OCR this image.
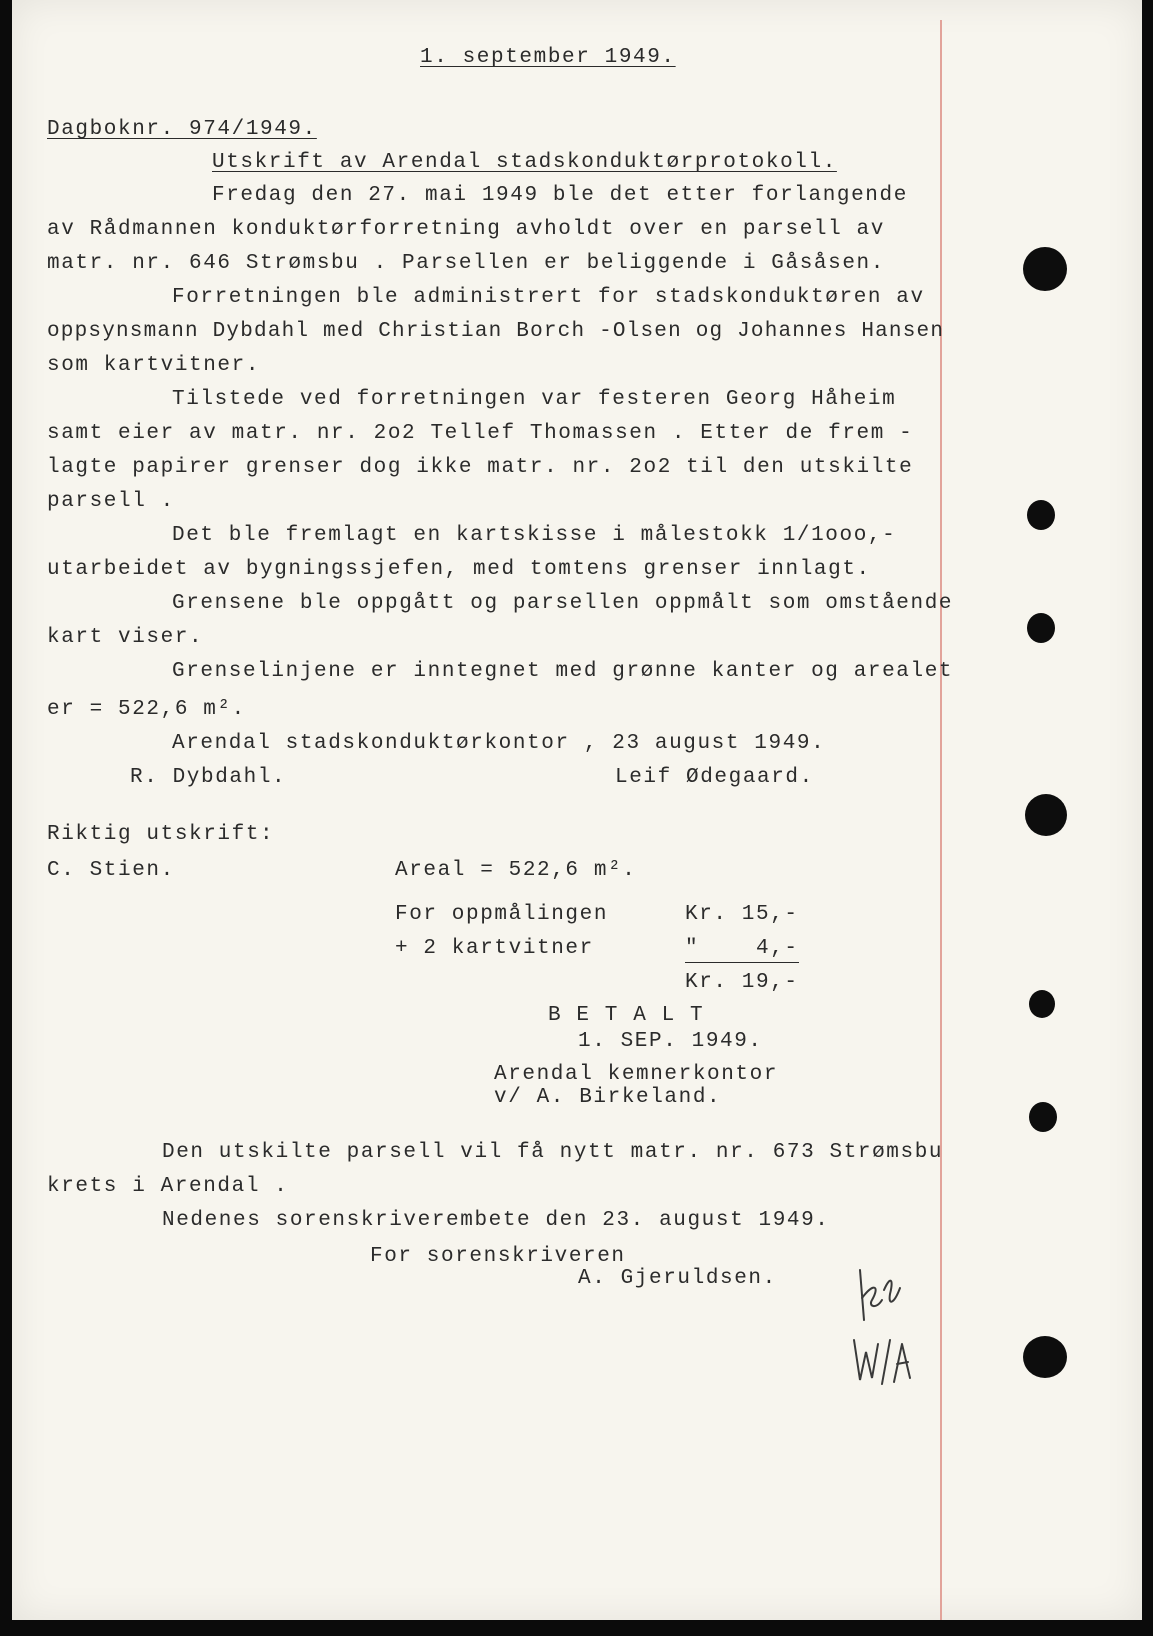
1. september 1949.

Dagboknr. 974/1949.

Utskrift av Arendal stadskonduktørprotokoll.

Fredag den 27. mai 1949 ble det etter forlangende

av Rådmannen konduktørforretning avholdt over en parsell av

matr. nr. 646 Strømsbu . Parsellen er beliggende i Gåsåsen.

Forretningen ble administrert for stadskonduktøren av

oppsynsmann Dybdahl med Christian Borch -Olsen og Johannes Hansen

som kartvitner.

Tilstede ved forretningen var festeren Georg Håheim

samt eier av matr. nr. 2o2 Tellef Thomassen . Etter de frem -

lagte papirer grenser dog ikke matr. nr. 2o2 til den utskilte

parsell .

Det ble fremlagt en kartskisse i målestokk 1/1ooo,-

utarbeidet av bygningssjefen, med tomtens grenser innlagt.

Grensene ble oppgått og parsellen oppmålt som omstående

kart viser.

Grenselinjene er inntegnet med grønne kanter og arealet

er = 522,6 m².

Arendal stadskonduktørkontor , 23 august 1949.

R. Dybdahl.	Leif Ødegaard.

Riktig utskrift:

C. Stien.	Areal = 522,6 m².

For oppmålingen	Kr. 15,-

+ 2 kartvitner	"    4,-

Kr. 19,-

B E T A L T

1. SEP. 1949.

Arendal kemnerkontor

v/ A. Birkeland.

Den utskilte parsell vil få nytt matr. nr. 673 Strømsbu

krets i Arendal .

Nedenes sorenskriverembete den 23. august 1949.

For sorenskriveren

A. Gjeruldsen.
